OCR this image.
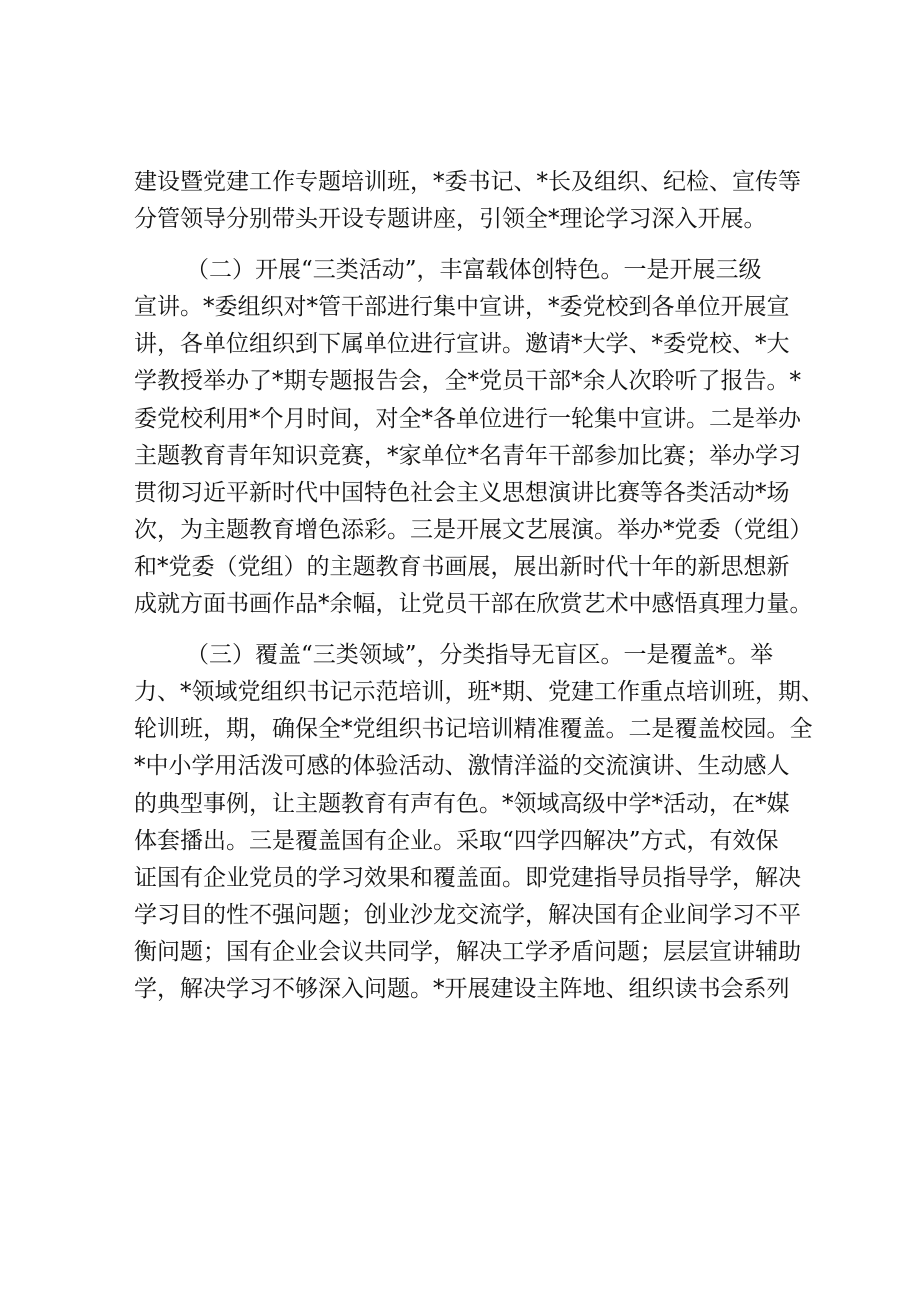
建设暨党建工作专题培训班，*委书记、*长及组织、纪检、宣传等
分管领导分别带头开设专题讲座，引领全*理论学习深入开展。
（二）开展“三类活动”，丰富载体创特色。一是开展三级
宣讲。*委组织对*管干部进行集中宣讲，*委党校到各单位开展宣
讲，各单位组织到下属单位进行宣讲。邀请*大学、*委党校、*大
学教授举办了*期专题报告会，全*党员干部*余人次聆听了报告。*
委党校利用*个月时间，对全*各单位进行一轮集中宣讲。二是举办
主题教育青年知识竞赛，*家单位*名青年干部参加比赛；举办学习
贯彻习近平新时代中国特色社会主义思想演讲比赛等各类活动*场
次，为主题教育增色添彩。三是开展文艺展演。举办*党委（党组）
和*党委（党组）的主题教育书画展，展出新时代十年的新思想新
成就方面书画作品*余幅，让党员干部在欣赏艺术中感悟真理力量。
（三）覆盖“三类领域”，分类指导无盲区。一是覆盖*。举
力、*领域党组织书记示范培训，班*期、党建工作重点培训班，期、
轮训班，期，确保全*党组织书记培训精准覆盖。二是覆盖校园。全
*中小学用活泼可感的体验活动、激情洋溢的交流演讲、生动感人
的典型事例，让主题教育有声有色。*领域高级中学*活动，在*媒
体套播出。三是覆盖国有企业。采取“四学四解决”方式，有效保
证国有企业党员的学习效果和覆盖面。即党建指导员指导学，解决
学习目的性不强问题；创业沙龙交流学，解决国有企业间学习不平
衡问题；国有企业会议共同学，解决工学矛盾问题；层层宣讲辅助
学，解决学习不够深入问题。*开展建设主阵地、组织读书会系列
